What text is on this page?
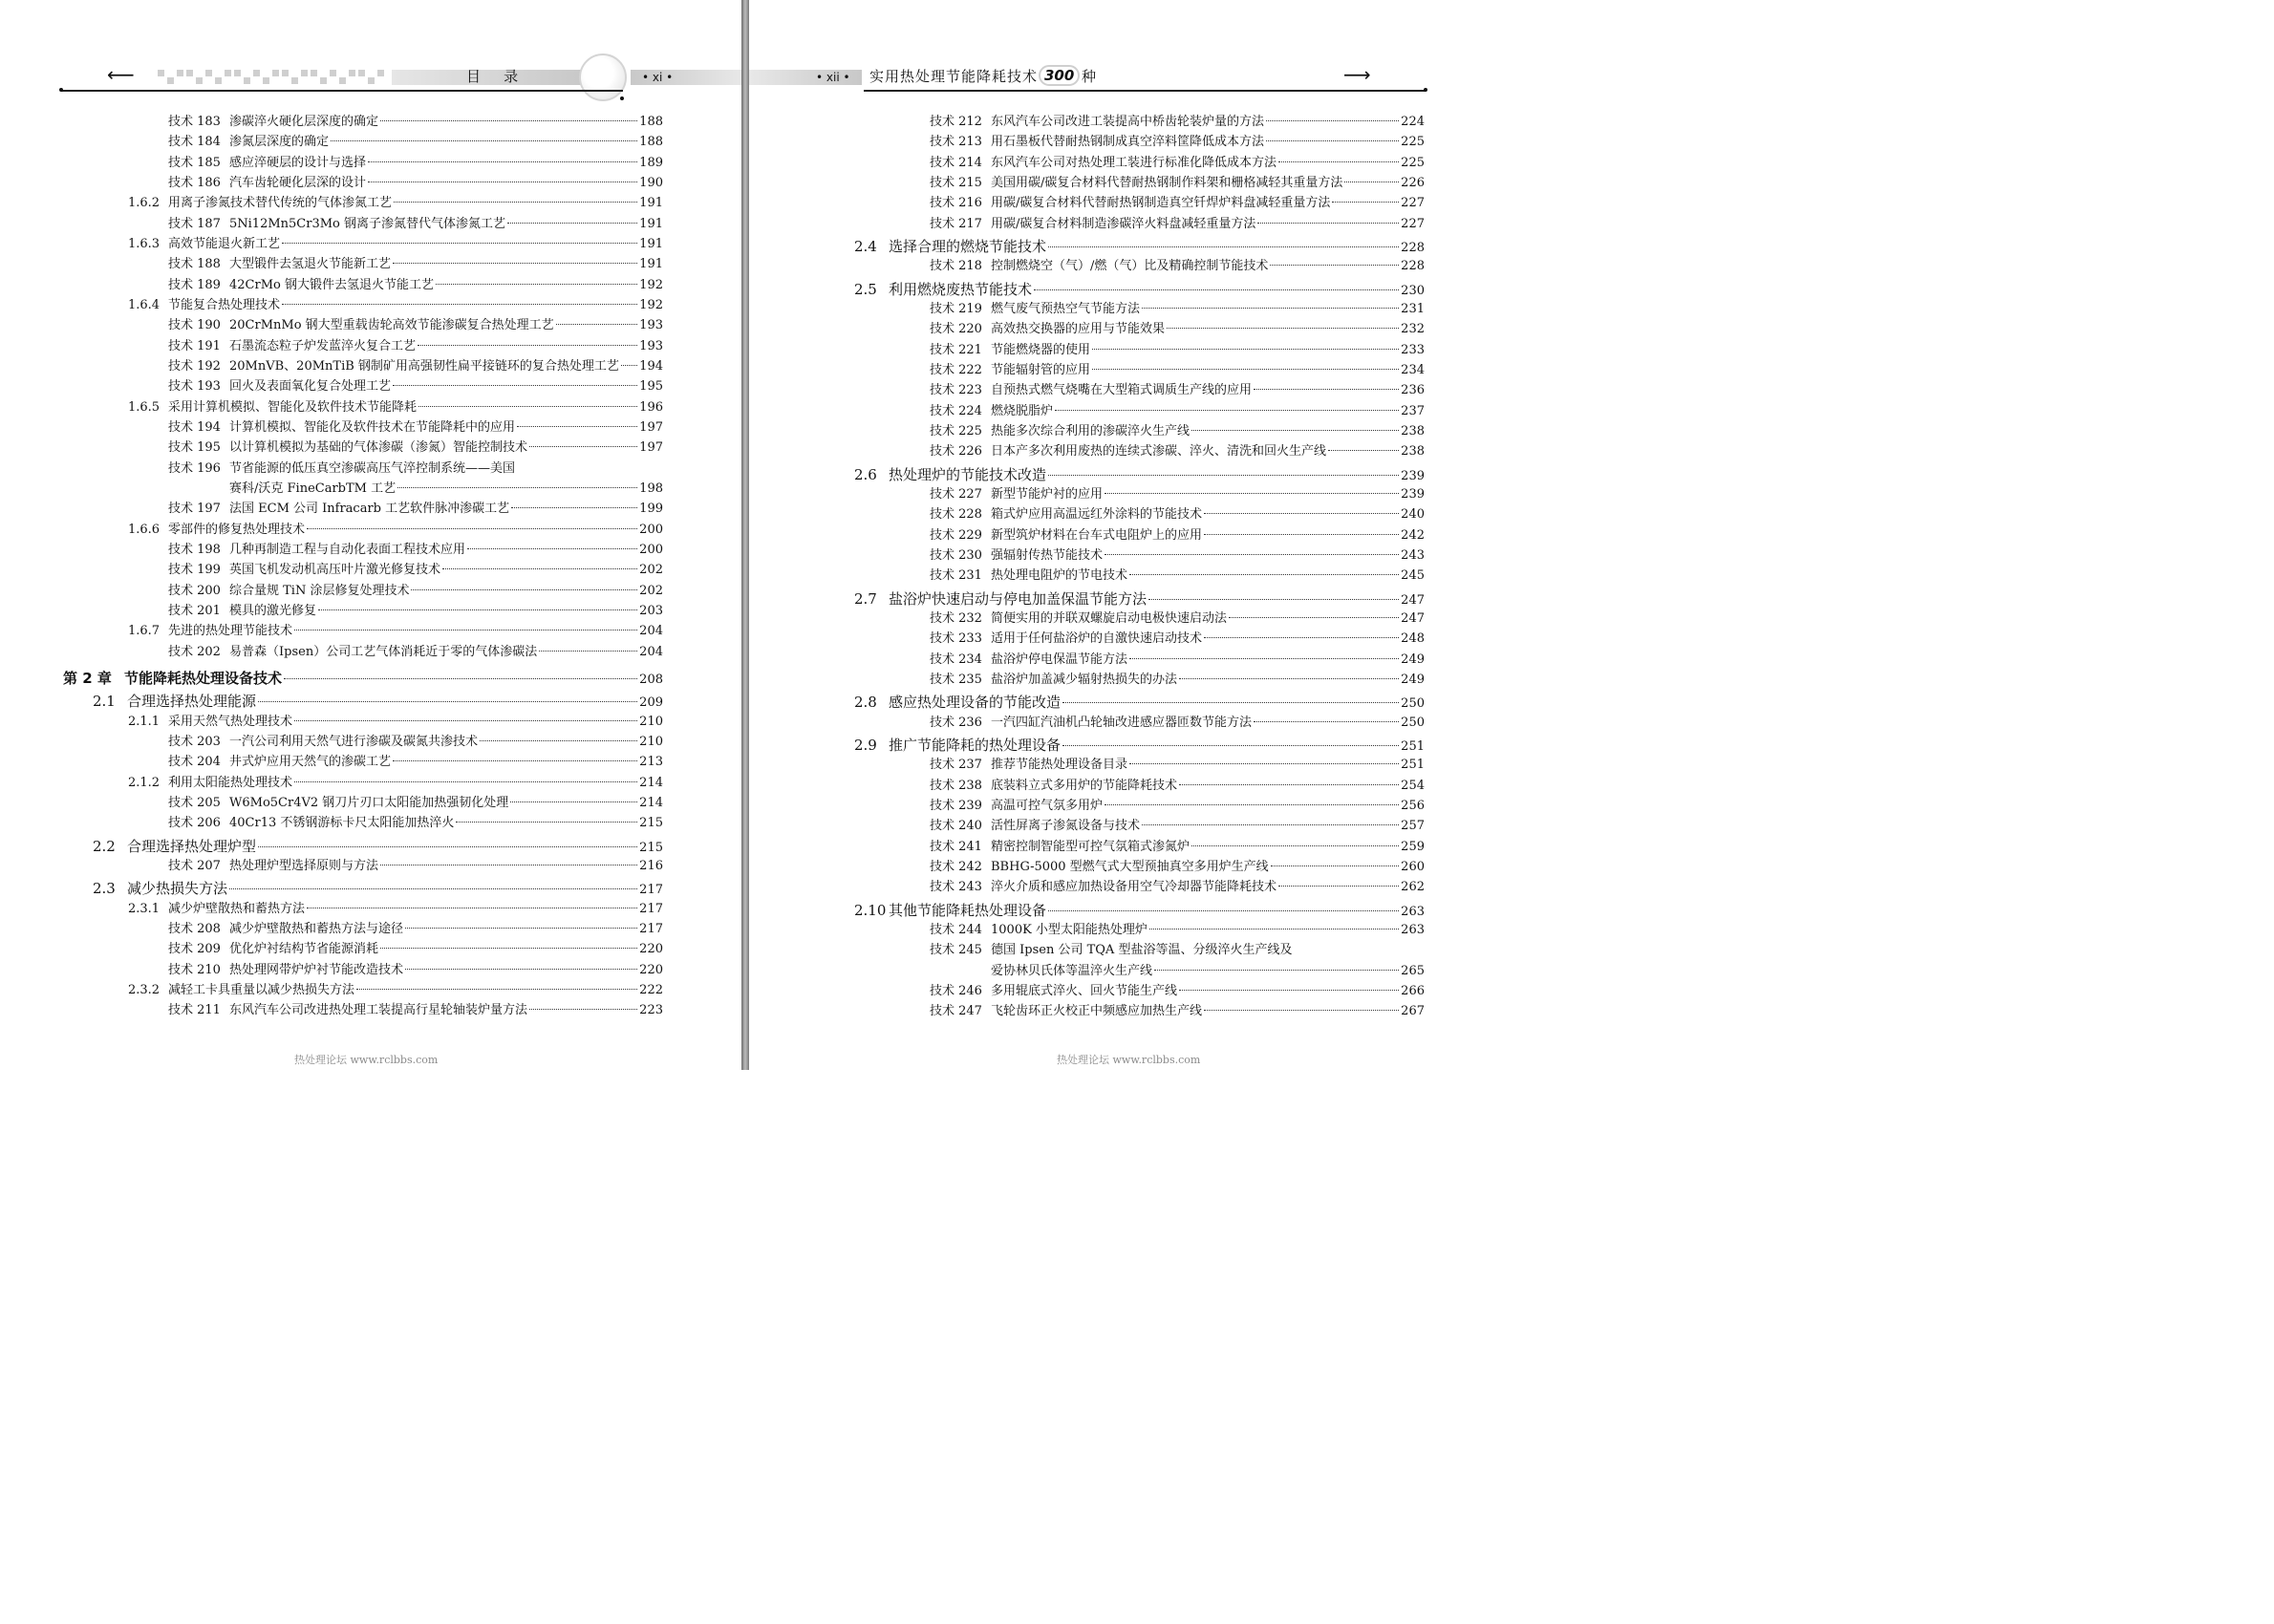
⟵	目    录	• xi •
技术 183 渗碳淬火硬化层深度的确定	188
技术 184 渗氮层深度的确定	188
技术 185 感应淬硬层的设计与选择	189
技术 186 汽车齿轮硬化层深的设计	190
1.6.2 用离子渗氮技术替代传统的气体渗氮工艺	191
技术 187 5Ni12Mn5Cr3Mo 钢离子渗氮替代气体渗氮工艺	191
1.6.3 高效节能退火新工艺	191
技术 188 大型锻件去氢退火节能新工艺	191
技术 189 42CrMo 钢大锻件去氢退火节能工艺	192
1.6.4 节能复合热处理技术	192
技术 190 20CrMnMo 钢大型重载齿轮高效节能渗碳复合热处理工艺	193
技术 191 石墨流态粒子炉发蓝淬火复合工艺	193
技术 192 20MnVB、20MnTiB 钢制矿用高强韧性扁平接链环的复合热处理工艺 194
技术 193 回火及表面氧化复合处理工艺	195
1.6.5 采用计算机模拟、智能化及软件技术节能降耗	196
技术 194 计算机模拟、智能化及软件技术在节能降耗中的应用	197
技术 195 以计算机模拟为基础的气体渗碳（渗氮）智能控制技术	197
技术 196 节省能源的低压真空渗碳高压气淬控制系统——美国
赛科/沃克 FineCarbTM 工艺	198
技术 197 法国 ECM 公司 Infracarb 工艺软件脉冲渗碳工艺	199
1.6.6 零部件的修复热处理技术	200
技术 198 几种再制造工程与自动化表面工程技术应用	200
技术 199 英国飞机发动机高压叶片激光修复技术	202
技术 200 综合量规 TiN 涂层修复处理技术	202
技术 201 模具的激光修复	203
1.6.7 先进的热处理节能技术	204
技术 202 易普森（Ipsen）公司工艺气体消耗近于零的气体渗碳法	204
第 2 章 节能降耗热处理设备技术	208
2.1 合理选择热处理能源	209
2.1.1 采用天然气热处理技术	210
技术 203 一汽公司利用天然气进行渗碳及碳氮共渗技术	210
技术 204 井式炉应用天然气的渗碳工艺	213
2.1.2 利用太阳能热处理技术	214
技术 205 W6Mo5Cr4V2 钢刀片刃口太阳能加热强韧化处理	214
技术 206 40Cr13 不锈钢游标卡尺太阳能加热淬火	215
2.2 合理选择热处理炉型	215
技术 207 热处理炉型选择原则与方法	216
2.3 减少热损失方法	217
2.3.1 减少炉壁散热和蓄热方法	217
技术 208 减少炉壁散热和蓄热方法与途径	217
技术 209 优化炉衬结构节省能源消耗	220
技术 210 热处理网带炉炉衬节能改造技术	220
2.3.2 减轻工卡具重量以减少热损失方法	222
技术 211 东风汽车公司改进热处理工装提高行星轮轴装炉量方法	223
热处理论坛 www.rclbbs.com
• xii • 实用热处理节能降耗技术 300 种	⟶
技术 212 东风汽车公司改进工装提高中桥齿轮装炉量的方法	224
技术 213 用石墨板代替耐热钢制成真空淬料筐降低成本方法	225
技术 214 东风汽车公司对热处理工装进行标准化降低成本方法	225
技术 215 美国用碳/碳复合材料代替耐热钢制作料架和栅格减轻其重量方法	226
技术 216 用碳/碳复合材料代替耐热钢制造真空钎焊炉料盘减轻重量方法	227
技术 217 用碳/碳复合材料制造渗碳淬火料盘减轻重量方法	227
2.4 选择合理的燃烧节能技术	228
技术 218 控制燃烧空（气）/燃（气）比及精确控制节能技术	228
2.5 利用燃烧废热节能技术	230
技术 219 燃气废气预热空气节能方法	231
技术 220 高效热交换器的应用与节能效果	232
技术 221 节能燃烧器的使用	233
技术 222 节能辐射管的应用	234
技术 223 自预热式燃气烧嘴在大型箱式调质生产线的应用	236
技术 224 燃烧脱脂炉	237
技术 225 热能多次综合利用的渗碳淬火生产线	238
技术 226 日本产多次利用废热的连续式渗碳、淬火、清洗和回火生产线	238
2.6 热处理炉的节能技术改造	239
技术 227 新型节能炉衬的应用	239
技术 228 箱式炉应用高温远红外涂料的节能技术	240
技术 229 新型筑炉材料在台车式电阻炉上的应用	242
技术 230 强辐射传热节能技术	243
技术 231 热处理电阻炉的节电技术	245
2.7 盐浴炉快速启动与停电加盖保温节能方法	247
技术 232 简便实用的并联双螺旋启动电极快速启动法	247
技术 233 适用于任何盐浴炉的自激快速启动技术	248
技术 234 盐浴炉停电保温节能方法	249
技术 235 盐浴炉加盖减少辐射热损失的办法	249
2.8 感应热处理设备的节能改造	250
技术 236 一汽四缸汽油机凸轮轴改进感应器匝数节能方法	250
2.9 推广节能降耗的热处理设备	251
技术 237 推荐节能热处理设备目录	251
技术 238 底装料立式多用炉的节能降耗技术	254
技术 239 高温可控气氛多用炉	256
技术 240 活性屏离子渗氮设备与技术	257
技术 241 精密控制智能型可控气氛箱式渗氮炉	259
技术 242 BBHG-5000 型燃气式大型预抽真空多用炉生产线	260
技术 243 淬火介质和感应加热设备用空气冷却器节能降耗技术	262
2.10 其他节能降耗热处理设备	263
技术 244 1000K 小型太阳能热处理炉	263
技术 245 德国 Ipsen 公司 TQA 型盐浴等温、分级淬火生产线及
爱协林贝氏体等温淬火生产线	265
技术 246 多用辊底式淬火、回火节能生产线	266
技术 247 飞轮齿环正火校正中频感应加热生产线	267
热处理论坛 www.rclbbs.com
